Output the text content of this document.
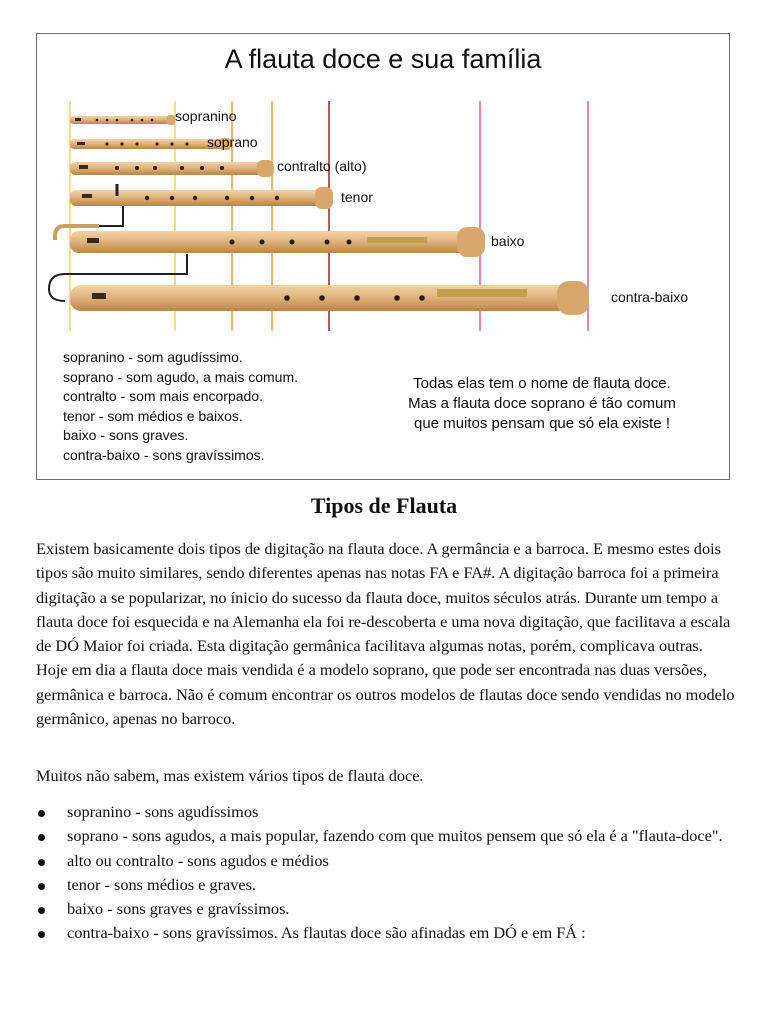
A flauta doce e sua família
sopranino
soprano
contralto (alto)
tenor
baixo
contra-baixo
sopranino - som agudíssimo.
soprano - som agudo, a mais comum.
contralto - som mais encorpado.
tenor - som médios e baixos.
baixo - sons graves.
contra-baixo - sons gravíssimos.
Todas elas tem o nome de flauta doce.
Mas a flauta doce soprano é tão comum
que muitos pensam que só ela existe !
Tipos de Flauta

Existem basicamente dois tipos de digitação na flauta doce. A germância e a barroca. E mesmo estes dois tipos são muito similares, sendo diferentes apenas nas notas FA e FA#. A digitação barroca foi a primeira digitação a se popularizar, no ínicio do sucesso da flauta doce, muitos séculos atrás. Durante um tempo a flauta doce foi esquecida e na Alemanha ela foi re-descoberta e uma nova digitação, que facilitava a escala de DÓ Maior foi criada. Esta digitação germânica facilitava algumas notas, porém, complicava outras. Hoje em dia a flauta doce mais vendida é a modelo soprano, que pode ser encontrada nas duas versões, germânica e barroca. Não é comum encontrar os outros modelos de flautas doce sendo vendidas no modelo germânico, apenas no barroco.

Muitos não sabem, mas existem vários tipos de flauta doce.

sopranino - sons agudíssimos
soprano - sons agudos, a mais popular, fazendo com que muitos pensem que só ela é a "flauta-doce".
alto ou contralto - sons agudos e médios
tenor - sons médios e graves.
baixo - sons graves e gravíssimos.
contra-baixo - sons gravíssimos. As flautas doce são afinadas em DÓ e em FÁ :
